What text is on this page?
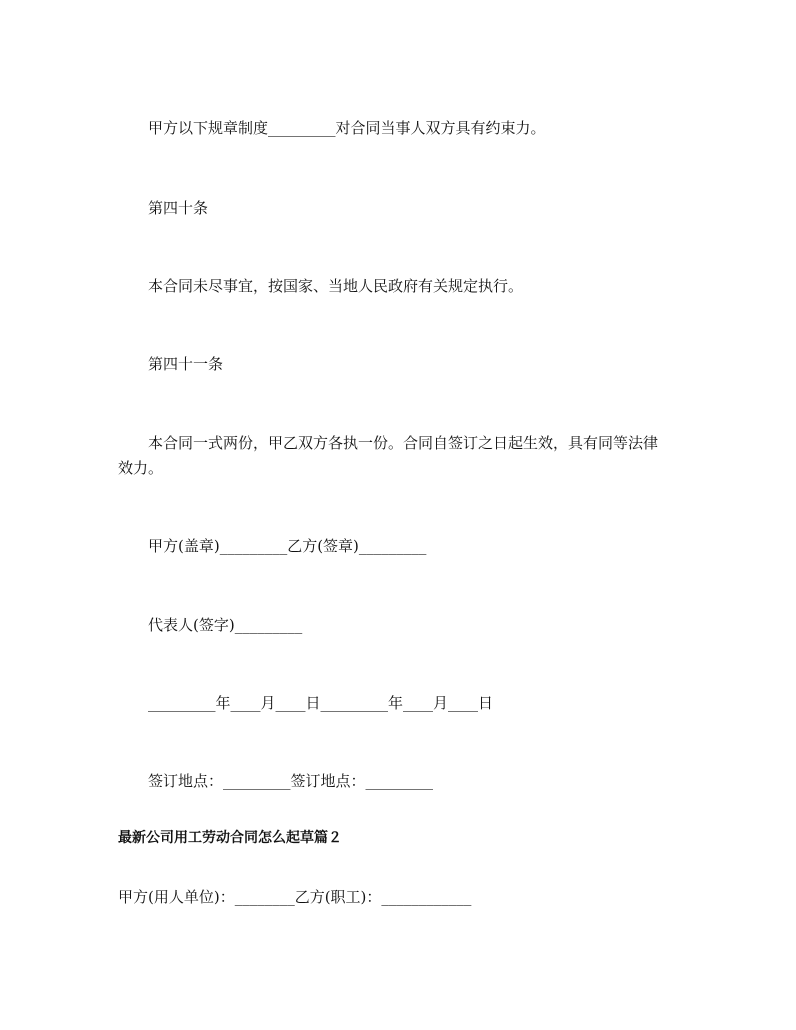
甲方以下规章制度_________对合同当事人双方具有约束力。
第四十条
本合同未尽事宜，按国家、当地人民政府有关规定执行。
第四十一条
本合同一式两份，甲乙双方各执一份。合同自签订之日起生效，具有同等法律
效力。
甲方(盖章)_________乙方(签章)_________
代表人(签字)_________
_________年____月____日_________年____月____日
签订地点：_________签订地点：_________
最新公司用工劳动合同怎么起草篇２
甲方(用人单位)：________乙方(职工)：____________
